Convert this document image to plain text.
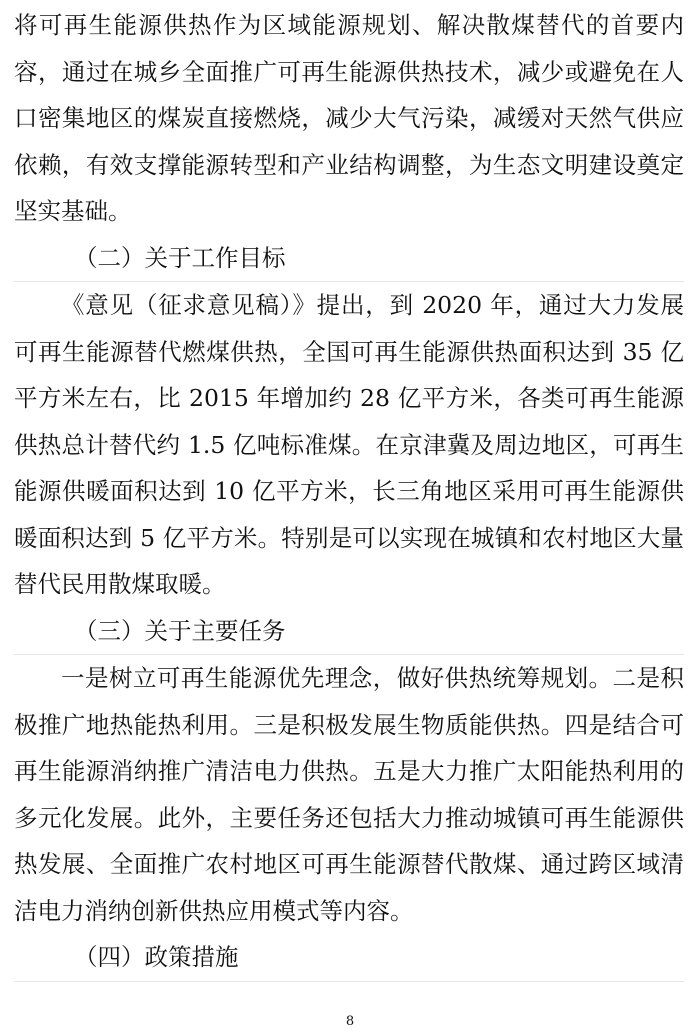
将可再生能源供热作为区域能源规划、解决散煤替代的首要内容，通过在城乡全面推广可再生能源供热技术，减少或避免在人口密集地区的煤炭直接燃烧，减少大气污染，减缓对天然气供应依赖，有效支撑能源转型和产业结构调整，为生态文明建设奠定坚实基础。

（二）关于工作目标

《意见（征求意见稿）》提出，到 2020 年，通过大力发展可再生能源替代燃煤供热，全国可再生能源供热面积达到 35 亿平方米左右，比 2015 年增加约 28 亿平方米，各类可再生能源供热总计替代约 1.5 亿吨标准煤。在京津冀及周边地区，可再生能源供暖面积达到 10 亿平方米，长三角地区采用可再生能源供暖面积达到 5 亿平方米。特别是可以实现在城镇和农村地区大量替代民用散煤取暖。

（三）关于主要任务

一是树立可再生能源优先理念，做好供热统筹规划。二是积极推广地热能热利用。三是积极发展生物质能供热。四是结合可再生能源消纳推广清洁电力供热。五是大力推广太阳能热利用的多元化发展。此外，主要任务还包括大力推动城镇可再生能源供热发展、全面推广农村地区可再生能源替代散煤、通过跨区域清洁电力消纳创新供热应用模式等内容。

（四）政策措施

8
